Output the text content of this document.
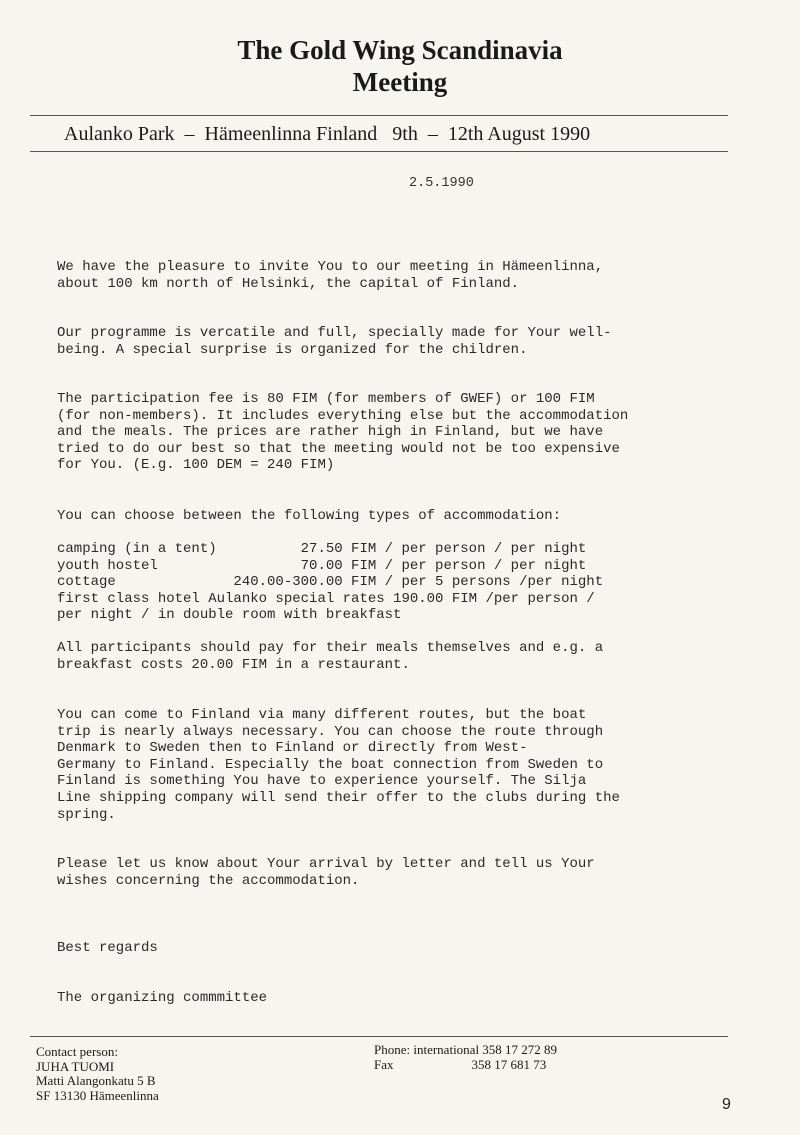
The Gold Wing Scandinavia
Meeting
Aulanko Park  –  Hämeenlinna Finland   9th  –  12th August 1990
2.5.1990
We have the pleasure to invite You to our meeting in Hämeenlinna,
about 100 km north of Helsinki, the capital of Finland.
Our programme is vercatile and full, specially made for Your well-
being. A special surprise is organized for the children.
The participation fee is 80 FIM (for members of GWEF) or 100 FIM
(for non-members). It includes everything else but the accommodation
and the meals. The prices are rather high in Finland, but we have
tried to do our best so that the meeting would not be too expensive
for You. (E.g. 100 DEM = 240 FIM)
You can choose between the following types of accommodation:
camping (in a tent)          27.50 FIM / per person / per night
youth hostel                 70.00 FIM / per person / per night
cottage              240.00-300.00 FIM / per 5 persons /per night
first class hotel Aulanko special rates 190.00 FIM /per person /
per night / in double room with breakfast
All participants should pay for their meals themselves and e.g. a
breakfast costs 20.00 FIM in a restaurant.
You can come to Finland via many different routes, but the boat
trip is nearly always necessary. You can choose the route through
Denmark to Sweden then to Finland or directly from West-
Germany to Finland. Especially the boat connection from Sweden to
Finland is something You have to experience yourself. The Silja
Line shipping company will send their offer to the clubs during the
spring.
Please let us know about Your arrival by letter and tell us Your
wishes concerning the accommodation.
Best regards
The organizing commmittee
Contact person:
JUHA TUOMI
Matti Alangonkatu 5 B
SF 13130 Hämeenlinna
Phone: international 358 17 272 89
Fax                        358 17 681 73
9
